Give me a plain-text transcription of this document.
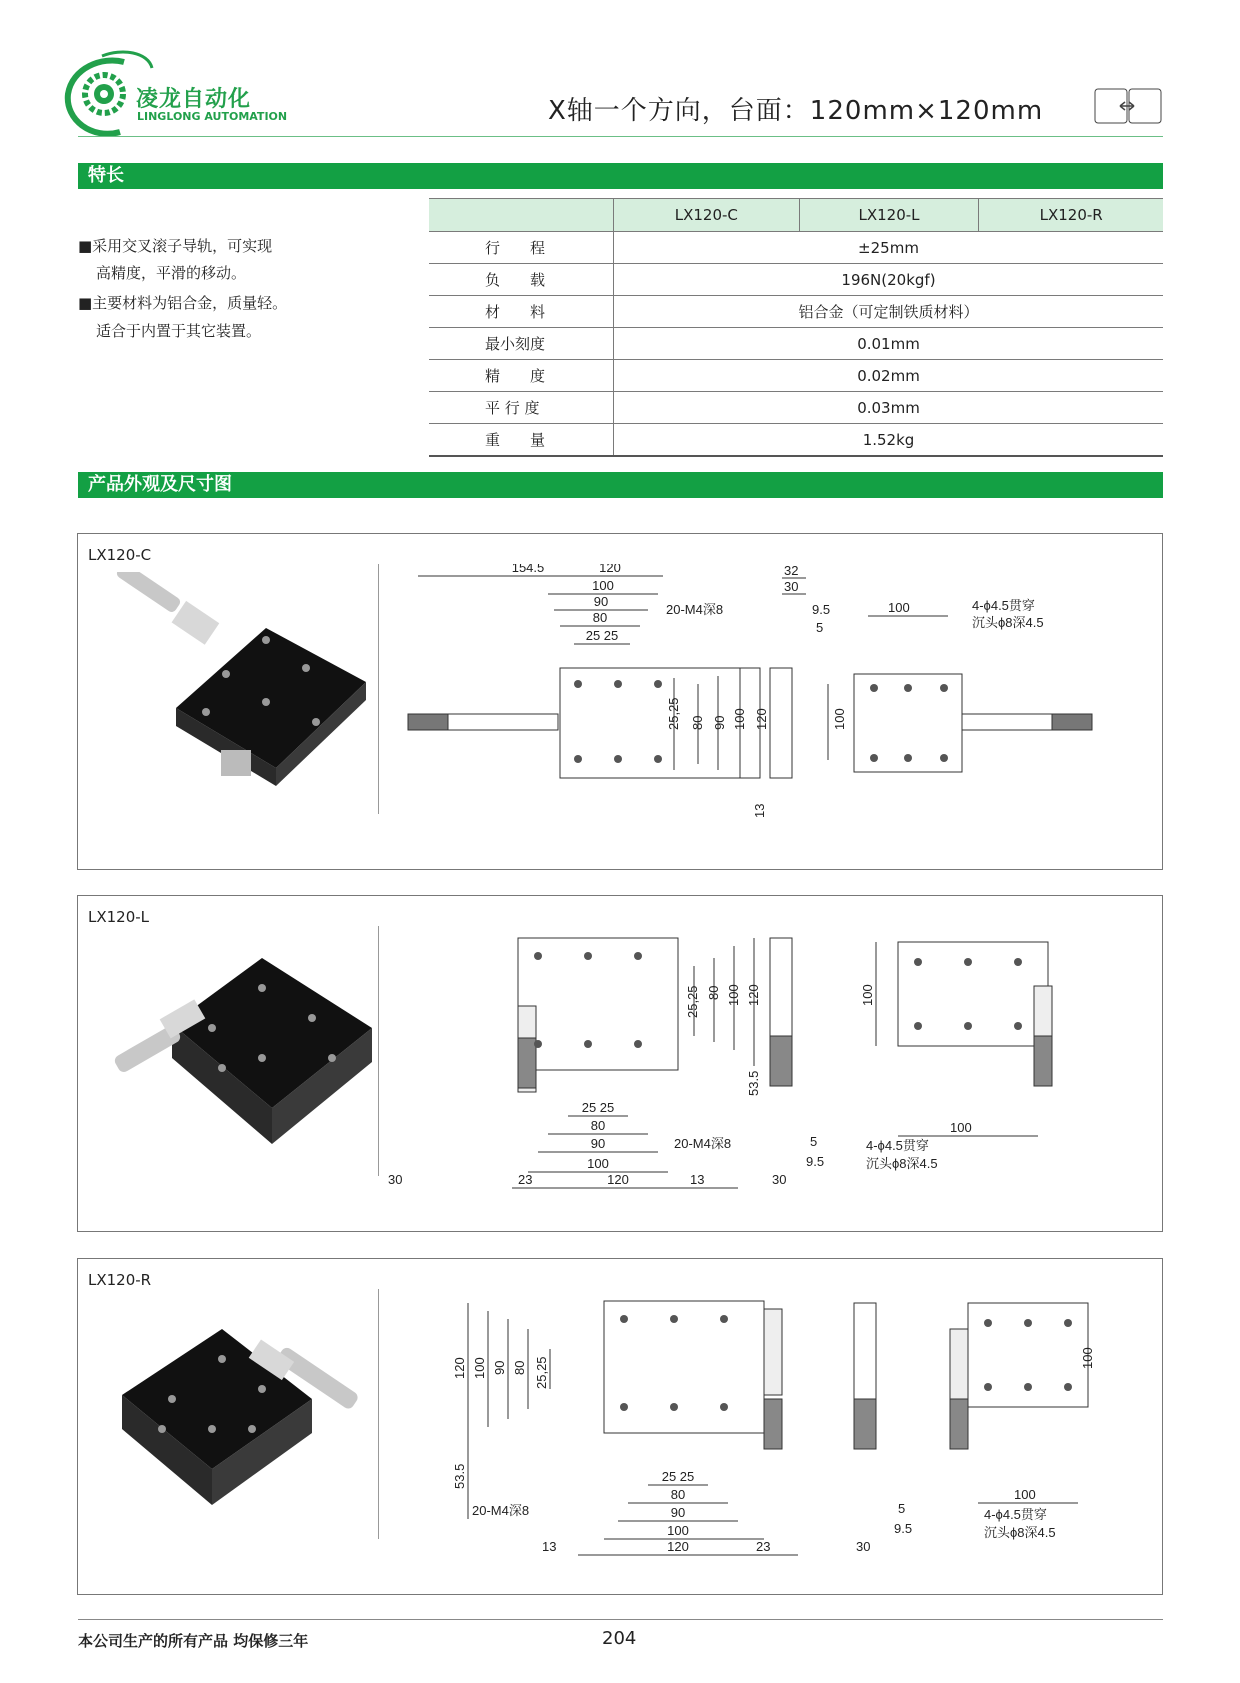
凌龙自动化
LINGLONG AUTOMATION	X轴一个方向，台面：120mm×120mm
特长
■采用交叉滚子导轨，可实现
高精度，平滑的移动。
■主要材料为铝合金，质量轻。
适合于内置于其它装置。
	LX120-C	LX120-L	LX120-R
行　　程	±25mm		
负　　载	196N(20kgf)		
材　　料	铝合金（可定制铁质材料）		
最小刻度	0.01mm		
精　　度	0.02mm		
平 行 度	0.03mm		
重　　量	1.52kg		
产品外观及尺寸图
LX120-C
154.5	120
100
90
80
25 25
20-M4深8
32
30
9.5
5
100	4-ϕ4.5贯穿
沉头ϕ8深4.5
25,25 80 90 100 120
13
100
LX120-L
25,25 80 100 120
53.5
25 25
80
90
100
120
23	13
20-M4深8
30
5
9.5
30
100
100
4-ϕ4.5贯穿
沉头ϕ8深4.5
LX120-R
120 100 90 80 25,25
53.5	25 25
80
90
100
120
13	23
20-M4深8	5
9.5
30
100
100
4-ϕ4.5贯穿
沉头ϕ8深4.5
本公司生产的所有产品 均保修三年	204
